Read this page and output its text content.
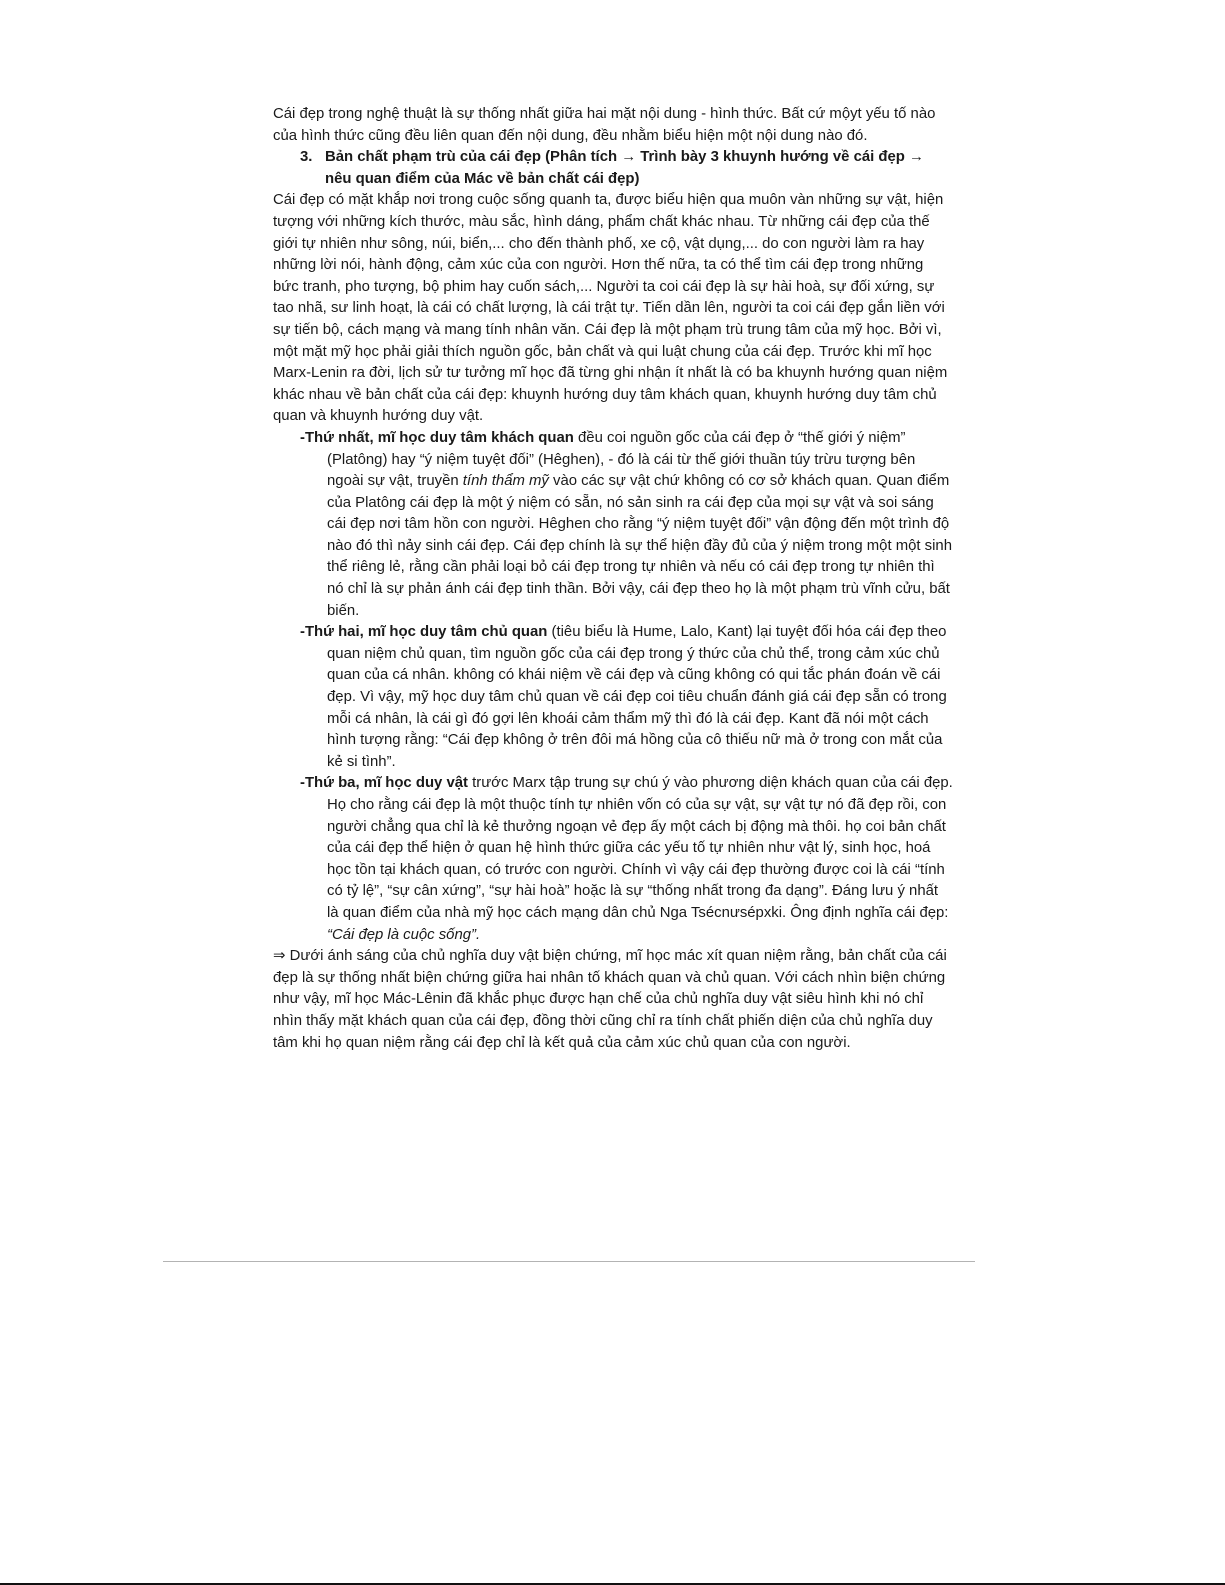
Cái đẹp trong nghệ thuật là sự thống nhất giữa hai mặt nội dung - hình thức. Bất cứ mộyt yếu tố nào của hình thức cũng đều liên quan đến nội dung, đều nhằm biểu hiện một nội dung nào đó.

3. Bản chất phạm trù của cái đẹp (Phân tích → Trình bày 3 khuynh hướng về cái đẹp → nêu quan điểm của Mác về bản chất cái đẹp)

Cái đẹp có mặt khắp nơi trong cuộc sống quanh ta, được biểu hiện qua muôn vàn những sự vật, hiện tượng với những kích thước, màu sắc, hình dáng, phẩm chất khác nhau. Từ những cái đẹp của thế giới tự nhiên như sông, núi, biển,... cho đến thành phố, xe cộ, vật dụng,... do con người làm ra hay những lời nói, hành động, cảm xúc của con người. Hơn thế nữa, ta có thể tìm cái đẹp trong những bức tranh, pho tượng, bộ phim hay cuốn sách,... Người ta coi cái đẹp là sự hài hoà, sự đối xứng, sự tao nhã, sư linh hoạt, là cái có chất lượng, là cái trật tự. Tiến dần lên, người ta coi cái đẹp gắn liền với sự tiến bộ, cách mạng và mang tính nhân văn. Cái đẹp là một phạm trù trung tâm của mỹ học. Bởi vì, một mặt mỹ học phải giải thích nguồn gốc, bản chất và qui luật chung của cái đẹp. Trước khi mĩ học Marx-Lenin ra đời, lịch sử tư tưởng mĩ học đã từng ghi nhận ít nhất là có ba khuynh hướng quan niệm khác nhau về bản chất của cái đẹp: khuynh hướng duy tâm khách quan, khuynh hướng duy tâm chủ quan và khuynh hướng duy vật.

-Thứ nhất, mĩ học duy tâm khách quan đều coi nguồn gốc của cái đẹp ở “thế giới ý niệm” (Platông) hay “ý niệm tuyệt đối” (Hêghen), - đó là cái từ thế giới thuần túy trừu tượng bên ngoài sự vật, truyền tính thẩm mỹ vào các sự vật chứ không có cơ sở khách quan. Quan điểm của Platông cái đẹp là một ý niệm có sẵn, nó sản sinh ra cái đẹp của mọi sự vật và soi sáng cái đẹp nơi tâm hồn con người. Hêghen cho rằng “ý niệm tuyệt đối” vận động đến một trình độ nào đó thì nảy sinh cái đẹp. Cái đẹp chính là sự thể hiện đầy đủ của ý niệm trong một một sinh thể riêng lẻ, rằng cần phải loại bỏ cái đẹp trong tự nhiên và nếu có cái đẹp trong tự nhiên thì nó chỉ là sự phản ánh cái đẹp tinh thần. Bởi vậy, cái đẹp theo họ là một phạm trù vĩnh cửu, bất biến.

-Thứ hai, mĩ học duy tâm chủ quan (tiêu biểu là Hume, Lalo, Kant) lại tuyệt đối hóa cái đẹp theo quan niệm chủ quan, tìm nguồn gốc của cái đẹp trong ý thức của chủ thể, trong cảm xúc chủ quan của cá nhân. không có khái niệm về cái đẹp và cũng không có qui tắc phán đoán về cái đẹp. Vì vậy, mỹ học duy tâm chủ quan về cái đẹp coi tiêu chuẩn đánh giá cái đẹp sẵn có trong mỗi cá nhân, là cái gì đó gợi lên khoái cảm thẩm mỹ thì đó là cái đẹp. Kant đã nói một cách hình tượng rằng: “Cái đẹp không ở trên đôi má hồng của cô thiếu nữ mà ở trong con mắt của kẻ si tình”.

-Thứ ba, mĩ học duy vật trước Marx tập trung sự chú ý vào phương diện khách quan của cái đẹp. Họ cho rằng cái đẹp là một thuộc tính tự nhiên vốn có của sự vật, sự vật tự nó đã đẹp rồi, con người chẳng qua chỉ là kẻ thưởng ngoạn vẻ đẹp ấy một cách bị động mà thôi. họ coi bản chất của cái đẹp thể hiện ở quan hệ hình thức giữa các yếu tố tự nhiên như vật lý, sinh học, hoá học tồn tại khách quan, có trước con người. Chính vì vậy cái đẹp thường được coi là cái “tính có tỷ lệ”, “sự cân xứng”, “sự hài hoà” hoặc là sự “thống nhất trong đa dạng”. Đáng lưu ý nhất là quan điểm của nhà mỹ học cách mạng dân chủ Nga Tsécnưsépxki. Ông định nghĩa cái đẹp: “Cái đẹp là cuộc sống”.

⇒ Dưới ánh sáng của chủ nghĩa duy vật biện chứng, mĩ học mác xít quan niệm rằng, bản chất của cái đẹp là sự thống nhất biện chứng giữa hai nhân tố khách quan và chủ quan. Với cách nhìn biện chứng như vậy, mĩ học Mác-Lênin đã khắc phục được hạn chế của chủ nghĩa duy vật siêu hình khi nó chỉ nhìn thấy mặt khách quan của cái đẹp, đồng thời cũng chỉ ra tính chất phiến diện của chủ nghĩa duy tâm khi họ quan niệm rằng cái đẹp chỉ là kết quả của cảm xúc chủ quan của con người.
